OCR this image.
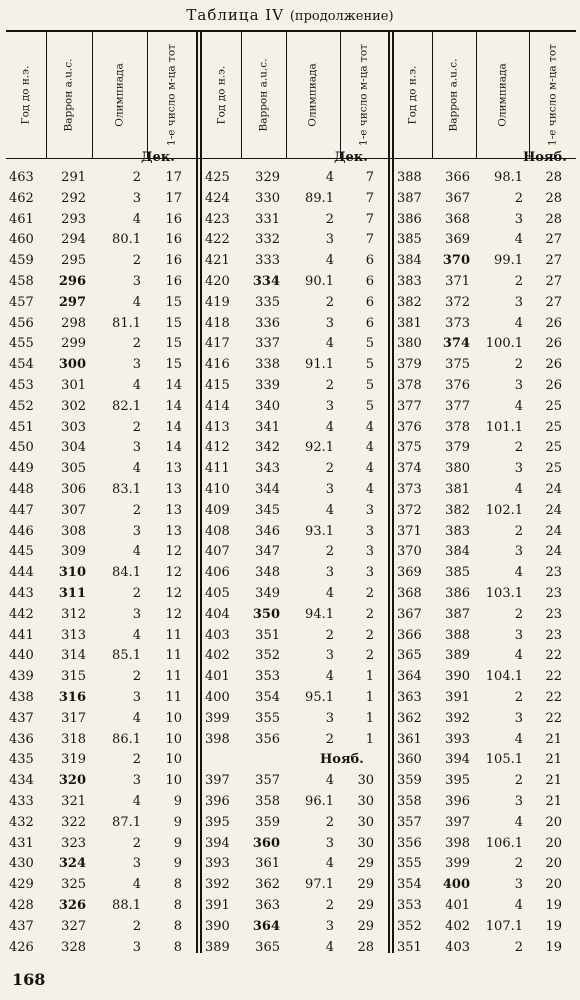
Таблица IV (продолжение)
Год до н.э.	Варрон a.u.c.	Олимпиада	1-е число м-ца тот
Дек.
463	291	2	17
462	292	3	17
461	293	4	16
460	294	80.1	16
459	295	2	16
458	296	3	16
457	297	4	15
456	298	81.1	15
455	299	2	15
454	300	3	15
453	301	4	14
452	302	82.1	14
451	303	2	14
450	304	3	14
449	305	4	13
448	306	83.1	13
447	307	2	13
446	308	3	13
445	309	4	12
444	310	84.1	12
443	311	2	12
442	312	3	12
441	313	4	11
440	314	85.1	11
439	315	2	11
438	316	3	11
437	317	4	10
436	318	86.1	10
435	319	2	10
434	320	3	10
433	321	4	9
432	322	87.1	9
431	323	2	9
430	324	3	9
429	325	4	8
428	326	88.1	8
437	327	2	8
426	328	3	8
Год до н.э.	Варрон a.u.c.	Олимпиада	1-е число м-ца тот
Дек.
425	329	4	7
424	330	89.1	7
423	331	2	7
422	332	3	7
421	333	4	6
420	334	90.1	6
419	335	2	6
418	336	3	6
417	337	4	5
416	338	91.1	5
415	339	2	5
414	340	3	5
413	341	4	4
412	342	92.1	4
411	343	2	4
410	344	3	4
409	345	4	3
408	346	93.1	3
407	347	2	3
406	348	3	3
405	349	4	2
404	350	94.1	2
403	351	2	2
402	352	3	2
401	353	4	1
400	354	95.1	1
399	355	3	1
398	356	2	1
397	357	4	30
396	358	96.1	30
395	359	2	30
394	360	3	30
393	361	4	29
392	362	97.1	29
391	363	2	29
390	364	3	29
389	365	4	28
Нояб.
Год до н.э.	Варрон a.u.c.	Олимпиада	1-е число м-ца тот
Нояб.
388	366	98.1	28
387	367	2	28
386	368	3	28
385	369	4	27
384	370	99.1	27
383	371	2	27
382	372	3	27
381	373	4	26
380	374	100.1	26
379	375	2	26
378	376	3	26
377	377	4	25
376	378	101.1	25
375	379	2	25
374	380	3	25
373	381	4	24
372	382	102.1	24
371	383	2	24
370	384	3	24
369	385	4	23
368	386	103.1	23
367	387	2	23
366	388	3	23
365	389	4	22
364	390	104.1	22
363	391	2	22
362	392	3	22
361	393	4	21
360	394	105.1	21
359	395	2	21
358	396	3	21
357	397	4	20
356	398	106.1	20
355	399	2	20
354	400	3	20
353	401	4	19
352	402	107.1	19
351	403	2	19
168
